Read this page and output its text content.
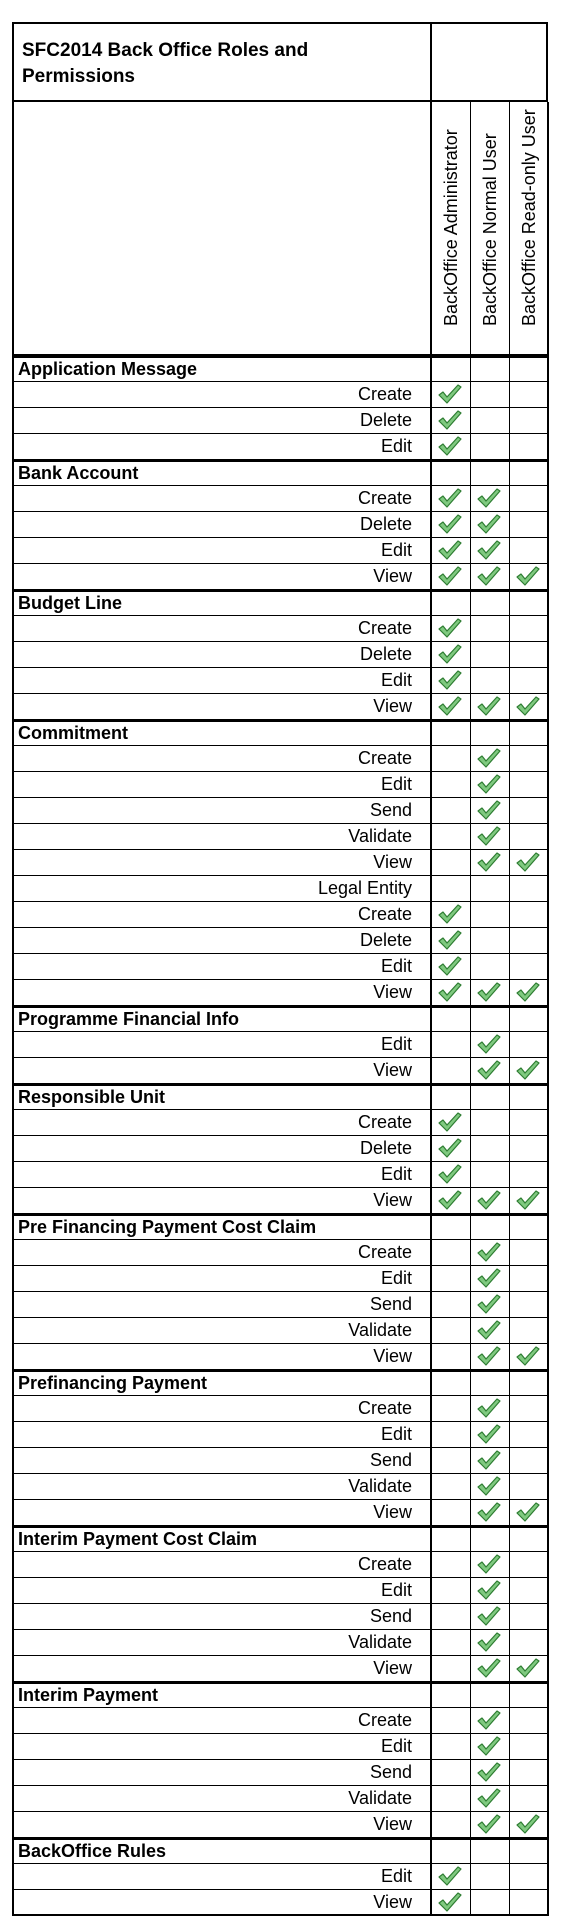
SFC2014 Back Office Roles and Permissions
BackOffice Administrator BackOffice Normal User BackOffice Read-only User
Application Message
Create
Delete
Edit
Bank Account
Create
Delete
Edit
View
Budget Line
Create
Delete
Edit
View
Commitment
Create
Edit
Send
Validate
View
Legal Entity
Create
Delete
Edit
View
Programme Financial Info
Edit
View
Responsible Unit
Create
Delete
Edit
View
Pre Financing Payment Cost Claim
Create
Edit
Send
Validate
View
Prefinancing Payment
Create
Edit
Send
Validate
View
Interim Payment Cost Claim
Create
Edit
Send
Validate
View
Interim Payment
Create
Edit
Send
Validate
View
BackOffice Rules
Edit
View
